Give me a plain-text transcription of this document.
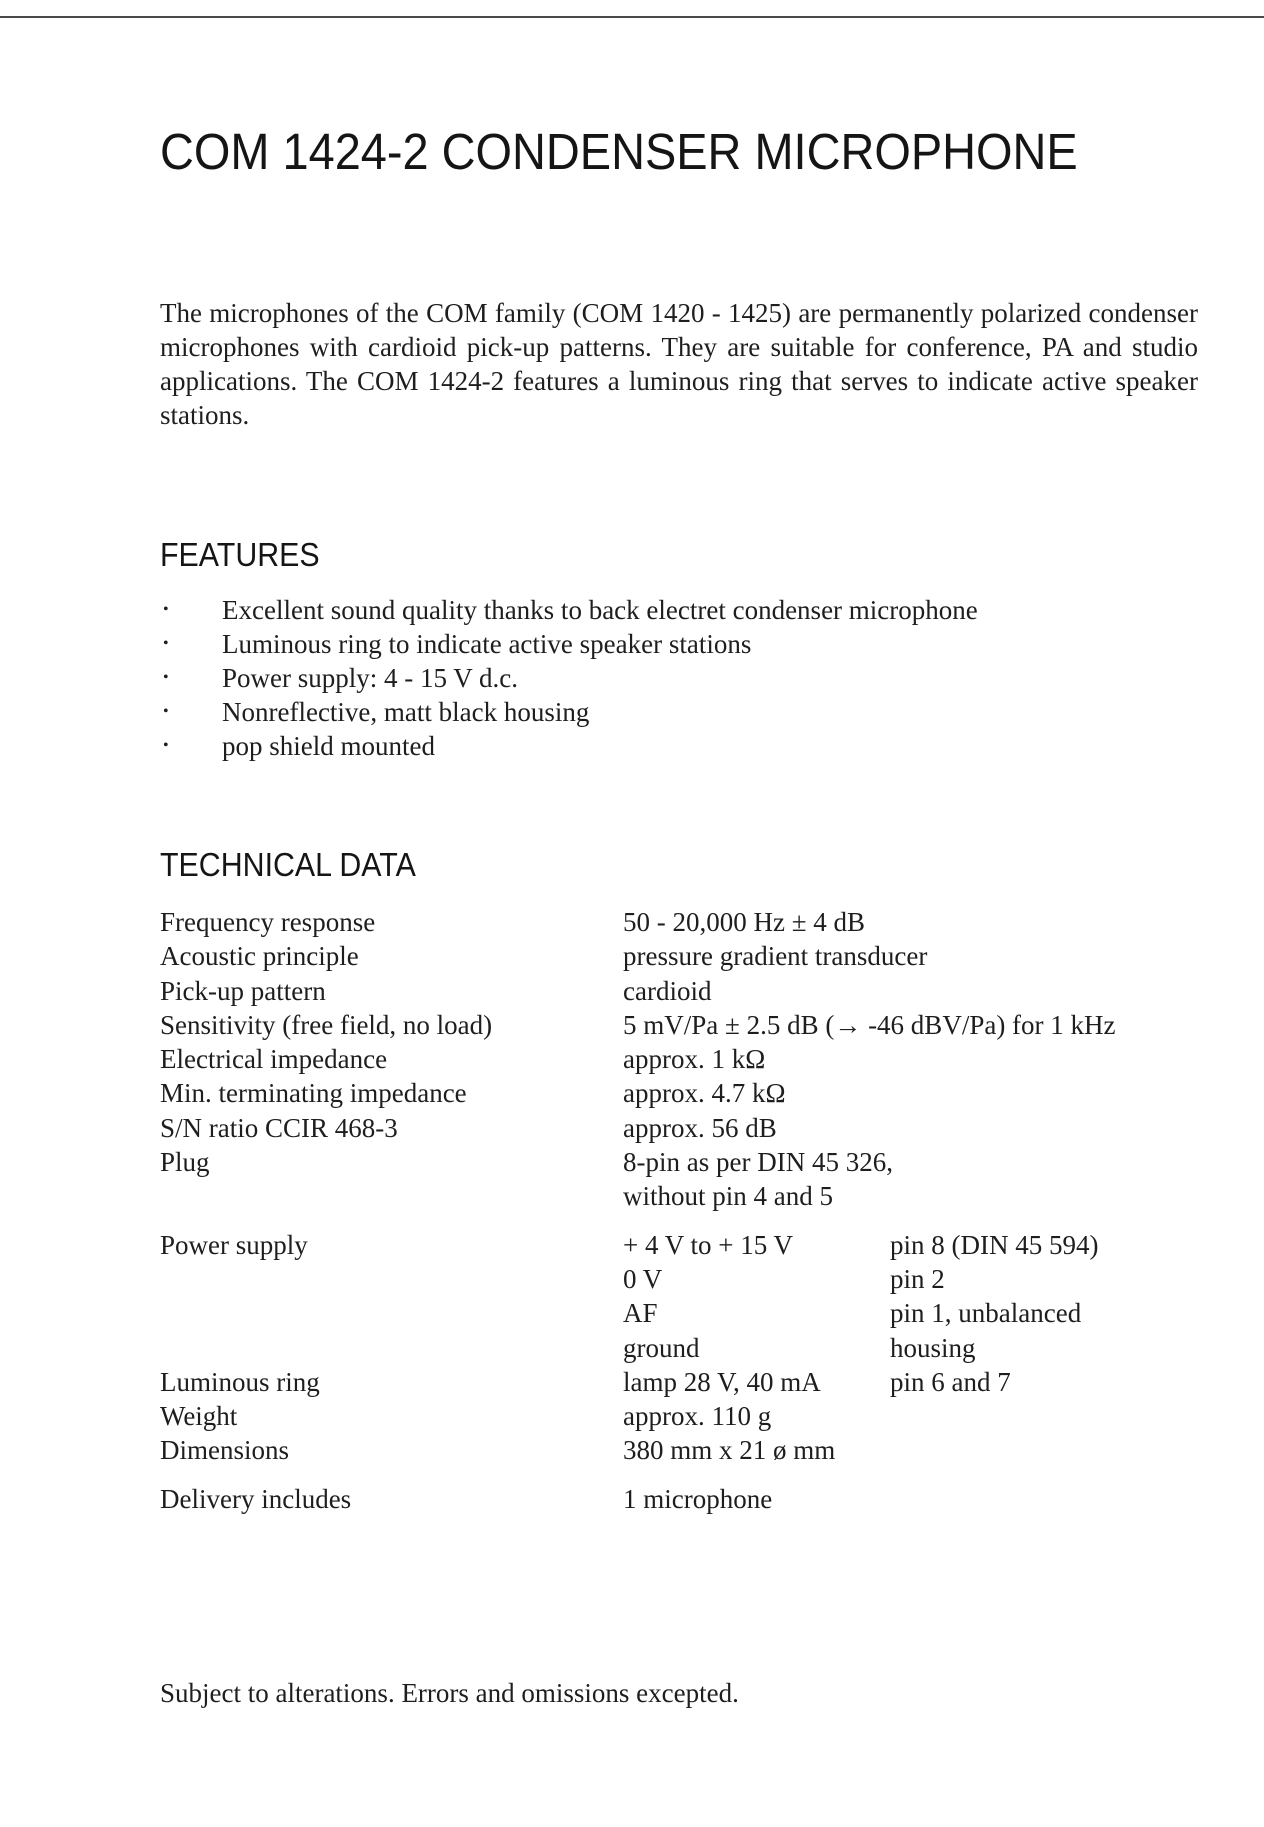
COM 1424-2 CONDENSER MICROPHONE

The microphones of the COM family (COM 1420 - 1425) are permanently polarized condenser microphones with cardioid pick-up patterns. They are suitable for conference, PA and studio applications. The COM 1424-2 features a luminous ring that serves to indicate active speaker stations.

FEATURES
• Excellent sound quality thanks to back electret condenser microphone
• Luminous ring to indicate active speaker stations
• Power supply: 4 - 15 V d.c.
• Nonreflective, matt black housing
• pop shield mounted
TECHNICAL DATA
Frequency response	50 - 20,000 Hz ± 4 dB
Acoustic principle	pressure gradient transducer
Pick-up pattern	cardioid
Sensitivity (free field, no load)	5 mV/Pa ± 2.5 dB (→ -46 dBV/Pa) for 1 kHz
Electrical impedance	approx. 1 kΩ
Min. terminating impedance	approx. 4.7 kΩ
S/N ratio CCIR 468-3	approx. 56 dB
Plug	8-pin as per DIN 45 326,
without pin 4 and 5
Power supply	+ 4 V to + 15 V	pin 8 (DIN 45 594)
0 V	pin 2
AF	pin 1, unbalanced
ground	housing
Luminous ring	lamp 28 V, 40 mA	pin 6 and 7
Weight	approx. 110 g
Dimensions	380 mm x 21 ø mm
Delivery includes	1 microphone

Subject to alterations. Errors and omissions excepted.
